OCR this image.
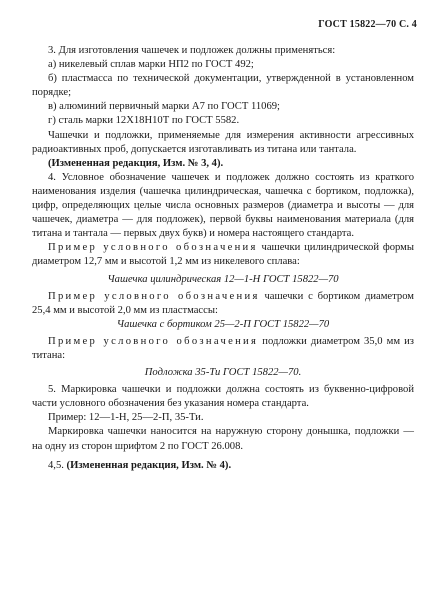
ГОСТ 15822—70 С. 4

3. Для изготовления чашечек и подложек должны применяться:

а) никелевый сплав марки НП2 по ГОСТ 492;

б) пластмасса по технической документации, утвержденной в установленном порядке;

в) алюминий первичный марки А7 по ГОСТ 11069;

г) сталь марки 12Х18Н10Т по ГОСТ 5582.

Чашечки и подложки, применяемые для измерения активности агрессивных радиоактивных проб, допускается изготавливать из титана или тантала.

(Измененная редакция, Изм. № 3, 4).

4. Условное обозначение чашечек и подложек должно состоять из краткого наименования изделия (чашечка цилиндрическая, чашечка с бортиком, подложка), цифр, определяющих целые числа основных размеров (диаметра и высоты — для чашечек, диаметра — для подложек), первой буквы наименования материала (для титана и тантала — первых двух букв) и номера настоящего стандарта.

Пример условного обозначения чашечки цилиндрической формы диаметром 12,7 мм и высотой 1,2 мм из никелевого сплава:

Чашечка цилиндрическая 12—1-Н ГОСТ 15822—70

Пример условного обозначения чашечки с бортиком диаметром 25,4 мм и высотой 2,0 мм из пластмассы:

Чашечка с бортиком 25—2-П ГОСТ 15822—70

Пример условного обозначения подложки диаметром 35,0 мм из титана:

Подложка 35-Ти ГОСТ 15822—70.

5. Маркировка чашечки и подложки должна состоять из буквенно-цифровой части условного обозначения без указания номера стандарта.

Пример: 12—1-Н, 25—2-П, 35-Ти.

Маркировка чашечки наносится на наружную сторону донышка, подложки — на одну из сторон шрифтом 2 по ГОСТ 26.008.

4,5. (Измененная редакция, Изм. № 4).
